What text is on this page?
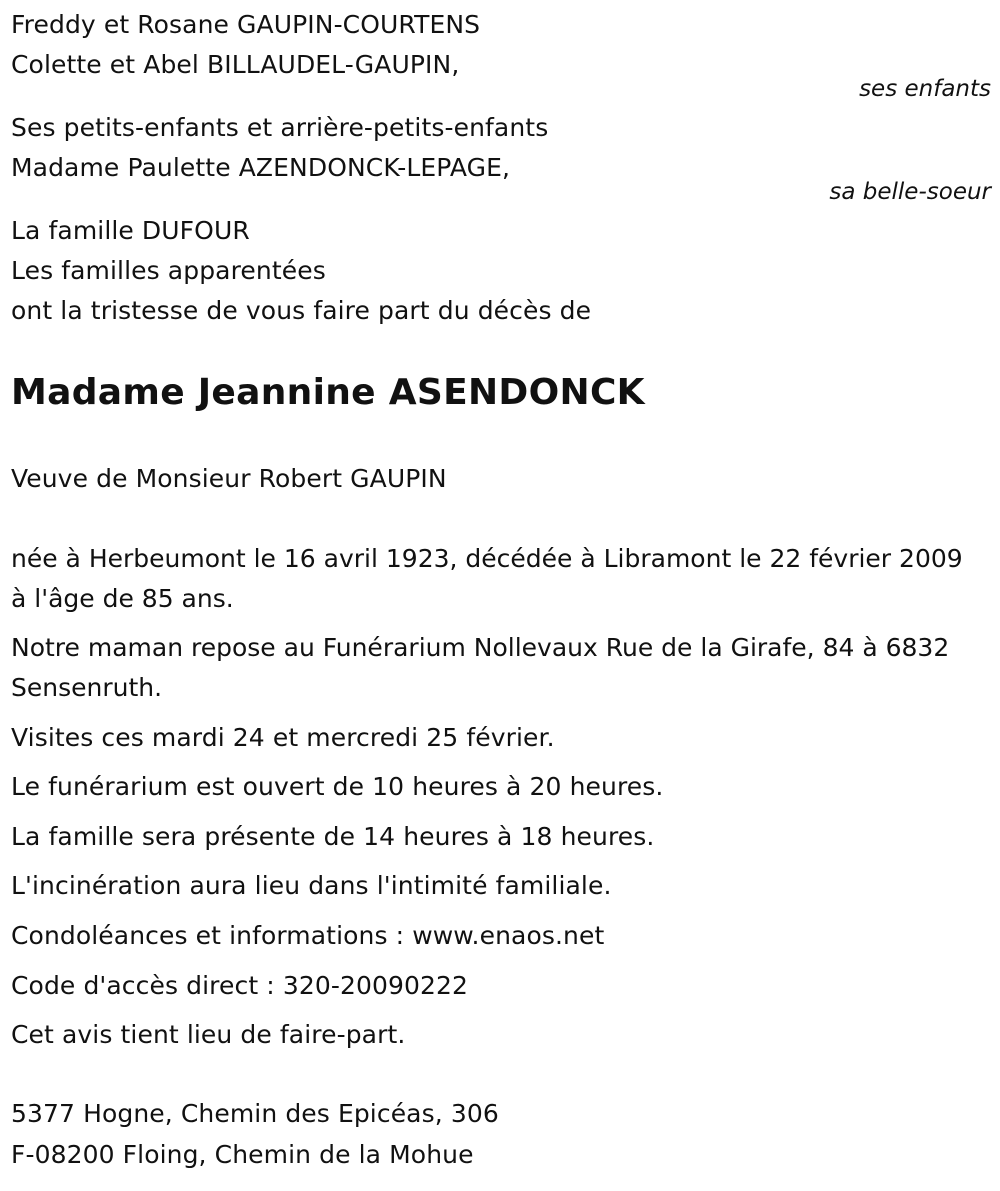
Freddy et Rosane GAUPIN-COURTENS
Colette et Abel BILLAUDEL-GAUPIN,
ses enfants
Ses petits-enfants et arrière-petits-enfants
Madame Paulette AZENDONCK-LEPAGE,
sa belle-soeur
La famille DUFOUR
Les familles apparentées
ont la tristesse de vous faire part du décès de
Madame Jeannine ASENDONCK
Veuve de Monsieur Robert GAUPIN
née à Herbeumont le 16 avril 1923, décédée à Libramont le 22 février 2009 à l'âge de 85 ans.
Notre maman repose au Funérarium Nollevaux Rue de la Girafe, 84 à 6832 Sensenruth.
Visites ces mardi 24 et mercredi 25 février.
Le funérarium est ouvert de 10 heures à 20 heures.
La famille sera présente de 14 heures à 18 heures.
L'incinération aura lieu dans l'intimité familiale.
Condoléances et informations : www.enaos.net
Code d'accès direct : 320-20090222
Cet avis tient lieu de faire-part.
5377 Hogne, Chemin des Epicéas, 306
F-08200 Floing, Chemin de la Mohue
